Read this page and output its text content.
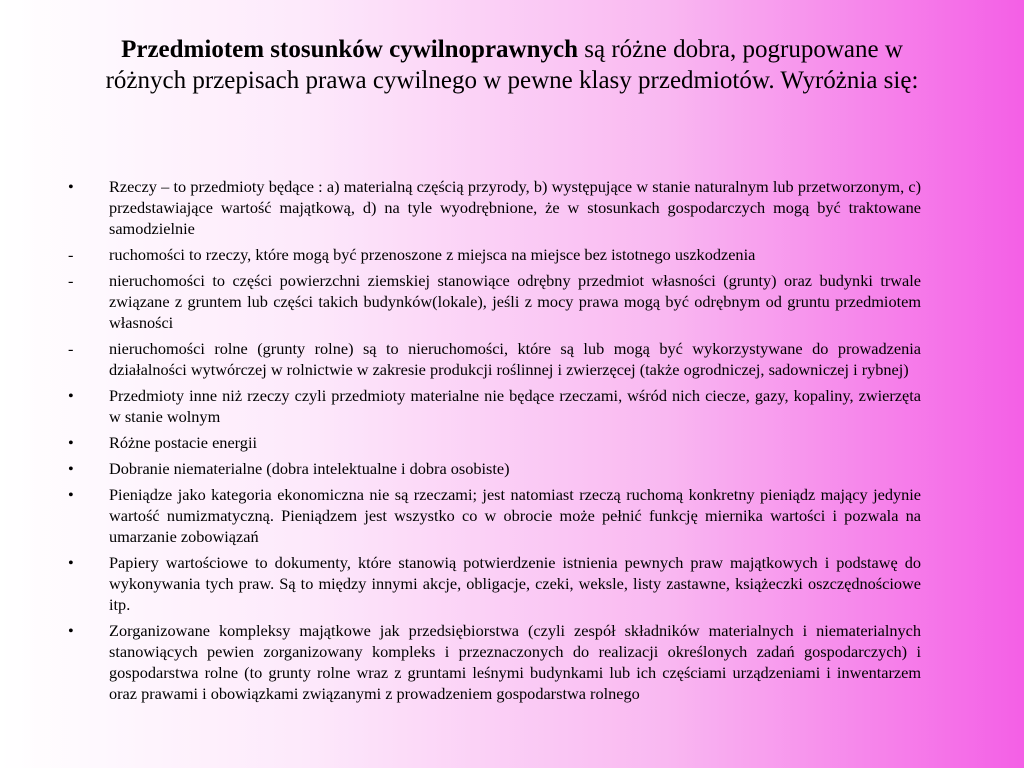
Przedmiotem stosunków cywilnoprawnych są różne dobra, pogrupowane w różnych przepisach prawa cywilnego w pewne klasy przedmiotów. Wyróżnia się:
•	Rzeczy – to przedmioty będące : a) materialną częścią przyrody, b) występujące w stanie naturalnym lub przetworzonym, c) przedstawiające wartość majątkową, d) na tyle wyodrębnione, że w stosunkach gospodarczych mogą być traktowane samodzielnie
-	ruchomości to rzeczy, które mogą być przenoszone z miejsca na miejsce bez istotnego uszkodzenia
-	nieruchomości to części powierzchni ziemskiej stanowiące odrębny przedmiot własności (grunty) oraz budynki trwale związane z gruntem lub części takich budynków(lokale), jeśli z mocy prawa mogą być odrębnym od gruntu przedmiotem własności
-	nieruchomości rolne (grunty rolne) są to nieruchomości, które są lub mogą być wykorzystywane do prowadzenia działalności wytwórczej w rolnictwie w zakresie produkcji roślinnej i zwierzęcej (także ogrodniczej, sadowniczej i rybnej)
•	Przedmioty inne niż rzeczy czyli przedmioty materialne nie będące rzeczami, wśród nich ciecze, gazy, kopaliny, zwierzęta w stanie wolnym
•	Różne postacie energii
•	Dobranie niematerialne (dobra intelektualne i dobra osobiste)
•	Pieniądze jako kategoria ekonomiczna nie są rzeczami; jest natomiast rzeczą ruchomą konkretny pieniądz mający jedynie wartość numizmatyczną. Pieniądzem jest wszystko co w obrocie może pełnić funkcję miernika wartości i pozwala na umarzanie zobowiązań
•	Papiery wartościowe to dokumenty, które stanowią potwierdzenie istnienia pewnych praw majątkowych i podstawę do wykonywania tych praw. Są to między innymi akcje, obligacje, czeki, weksle, listy zastawne, książeczki oszczędnościowe itp.
•	Zorganizowane kompleksy majątkowe jak przedsiębiorstwa (czyli zespół składników materialnych i niematerialnych stanowiących pewien zorganizowany kompleks i przeznaczonych do realizacji określonych zadań gospodarczych) i gospodarstwa rolne (to grunty rolne wraz z gruntami leśnymi budynkami lub ich częściami urządzeniami i inwentarzem oraz prawami i obowiązkami związanymi z prowadzeniem gospodarstwa rolnego
